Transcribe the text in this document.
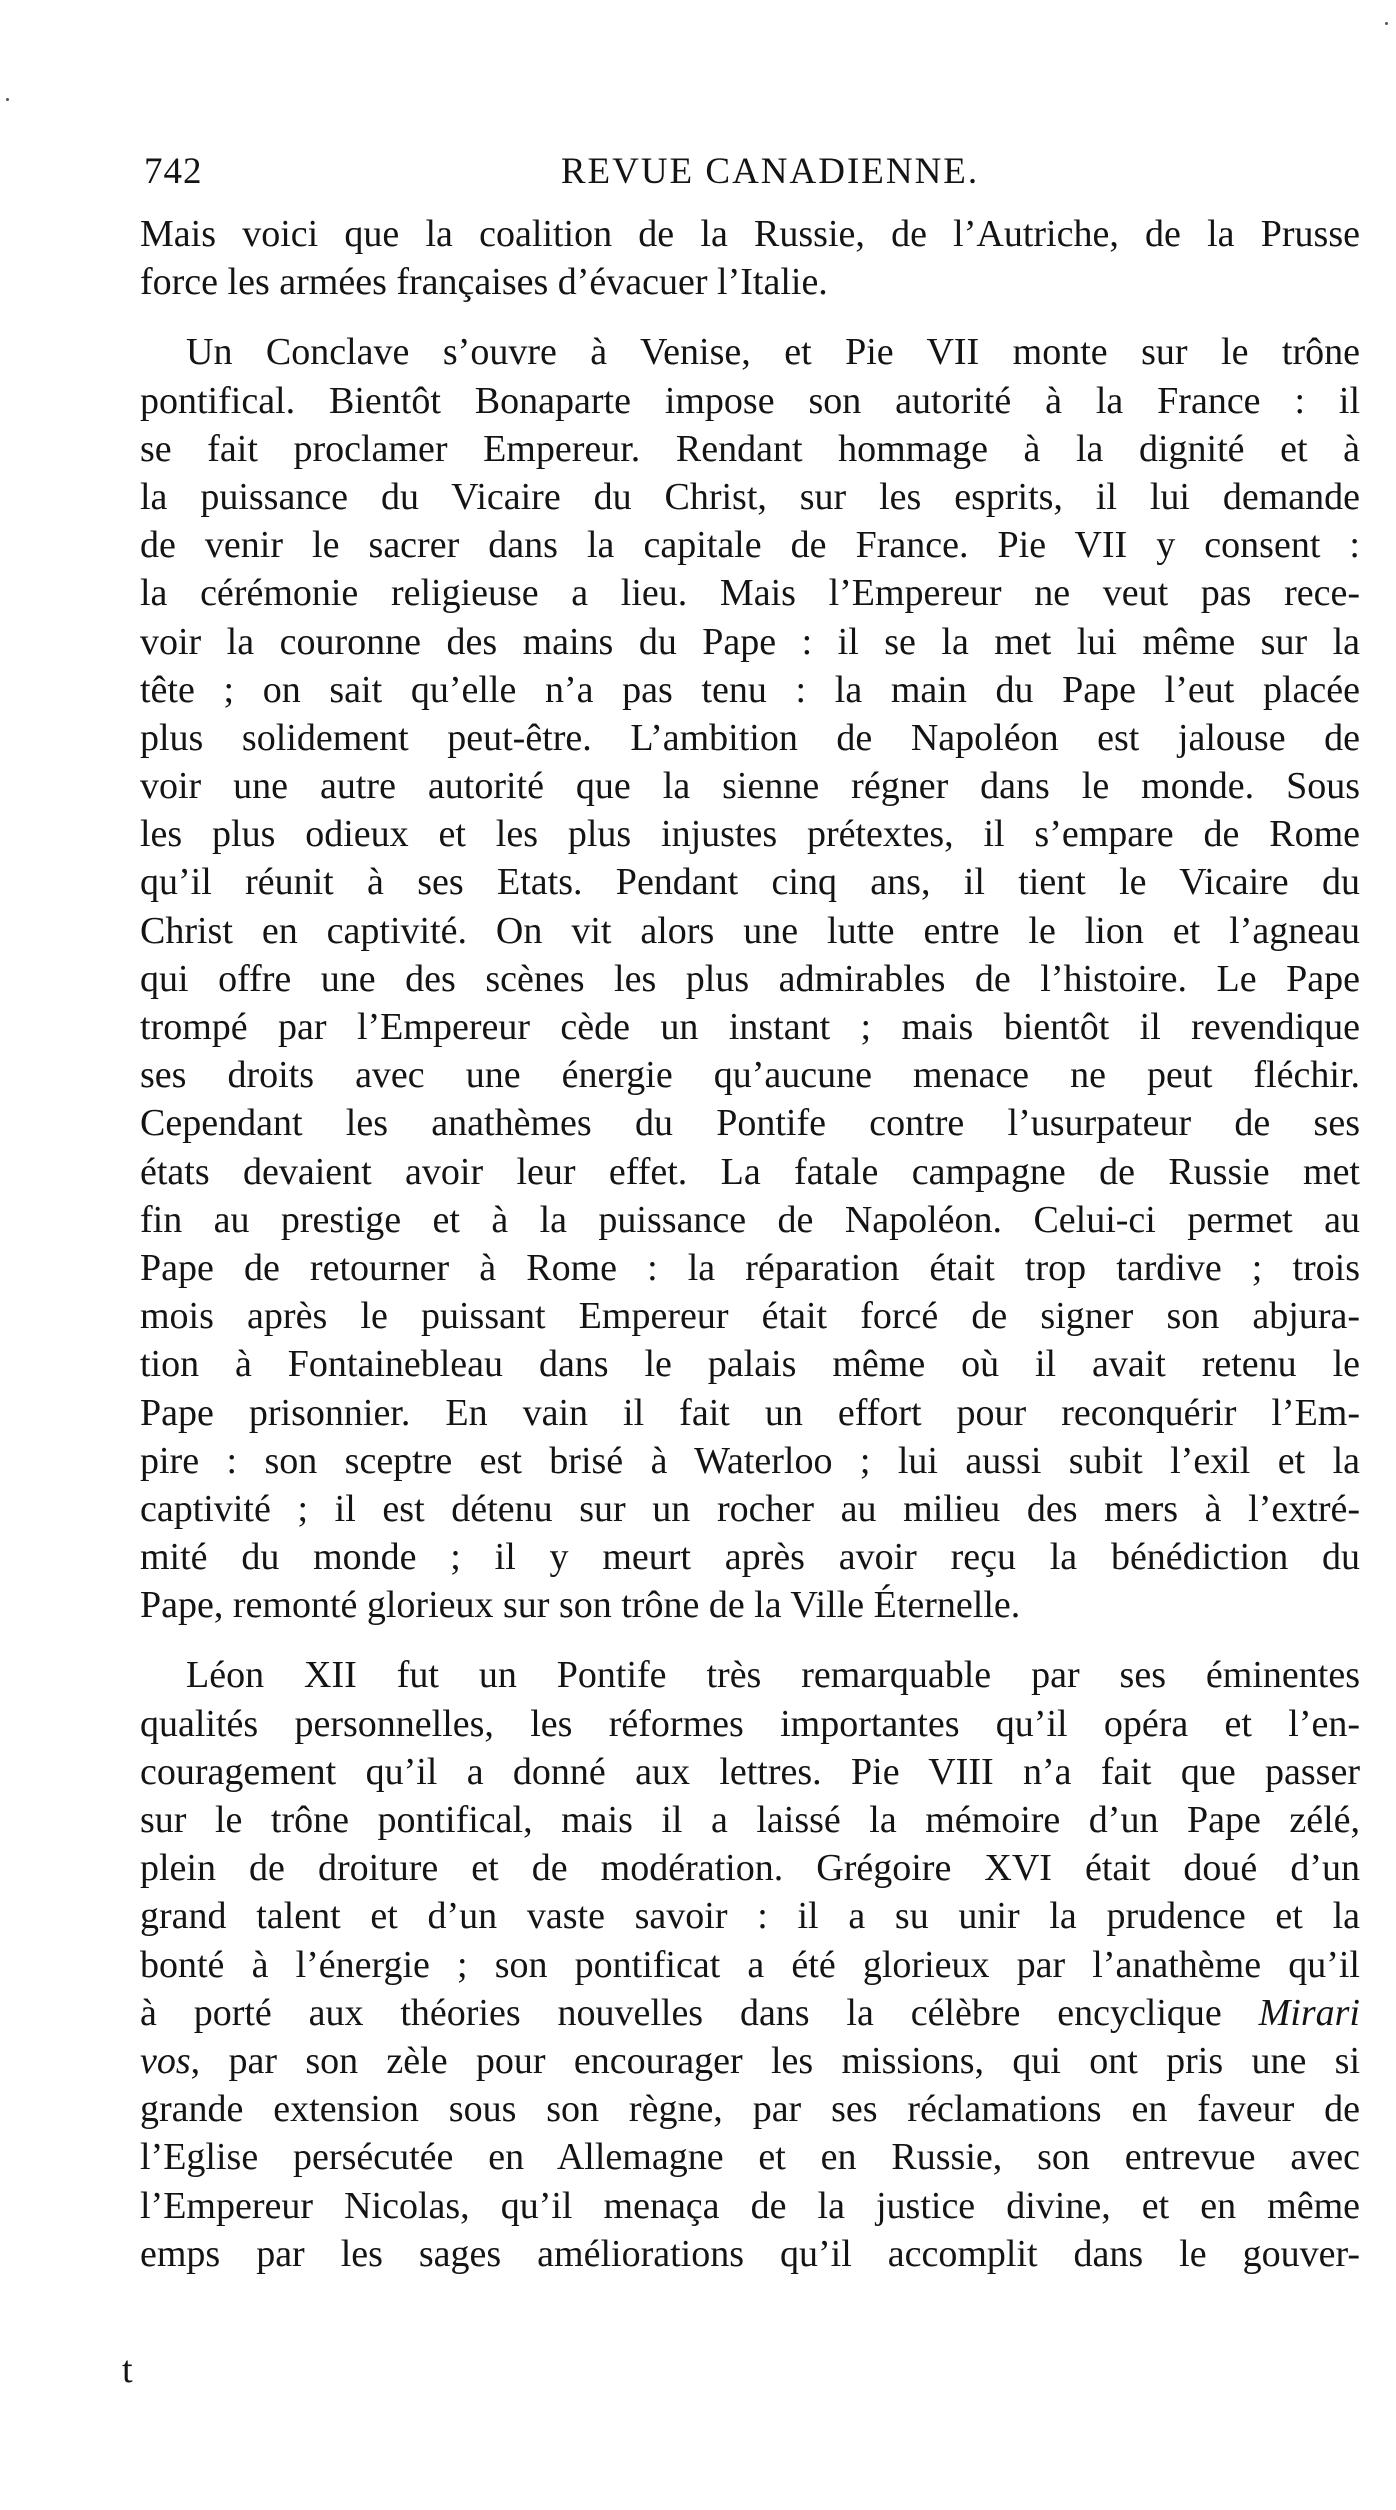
742	REVUE CANADIENNE.
Mais voici que la coalition de la Russie, de l’Autriche, de la Prusse
force les armées françaises d’évacuer l’Italie.
Un Conclave s’ouvre à Venise, et Pie VII monte sur le trône
pontifical. Bientôt Bonaparte impose son autorité à la France : il
se fait proclamer Empereur. Rendant hommage à la dignité et à
la puissance du Vicaire du Christ, sur les esprits, il lui demande
de venir le sacrer dans la capitale de France. Pie VII y consent :
la cérémonie religieuse a lieu. Mais l’Empereur ne veut pas rece-
voir la couronne des mains du Pape : il se la met lui même sur la
tête ; on sait qu’elle n’a pas tenu : la main du Pape l’eut placée
plus solidement peut-être. L’ambition de Napoléon est jalouse de
voir une autre autorité que la sienne régner dans le monde. Sous
les plus odieux et les plus injustes prétextes, il s’empare de Rome
qu’il réunit à ses Etats. Pendant cinq ans, il tient le Vicaire du
Christ en captivité. On vit alors une lutte entre le lion et l’agneau
qui offre une des scènes les plus admirables de l’histoire. Le Pape
trompé par l’Empereur cède un instant ; mais bientôt il revendique
ses droits avec une énergie qu’aucune menace ne peut fléchir.
Cependant les anathèmes du Pontife contre l’usurpateur de ses
états devaient avoir leur effet. La fatale campagne de Russie met
fin au prestige et à la puissance de Napoléon. Celui-ci permet au
Pape de retourner à Rome : la réparation était trop tardive ; trois
mois après le puissant Empereur était forcé de signer son abjura-
tion à Fontainebleau dans le palais même où il avait retenu le
Pape prisonnier. En vain il fait un effort pour reconquérir l’Em-
pire : son sceptre est brisé à Waterloo ; lui aussi subit l’exil et la
captivité ; il est détenu sur un rocher au milieu des mers à l’extré-
mité du monde ; il y meurt après avoir reçu la bénédiction du
Pape, remonté glorieux sur son trône de la Ville Éternelle.
Léon XII fut un Pontife très remarquable par ses éminentes
qualités personnelles, les réformes importantes qu’il opéra et l’en-
couragement qu’il a donné aux lettres. Pie VIII n’a fait que passer
sur le trône pontifical, mais il a laissé la mémoire d’un Pape zélé,
plein de droiture et de modération. Grégoire XVI était doué d’un
grand talent et d’un vaste savoir : il a su unir la prudence et la
bonté à l’énergie ; son pontificat a été glorieux par l’anathème qu’il
à porté aux théories nouvelles dans la célèbre encyclique Mirari
vos, par son zèle pour encourager les missions, qui ont pris une si
grande extension sous son règne, par ses réclamations en faveur de
l’Eglise persécutée en Allemagne et en Russie, son entrevue avec
l’Empereur Nicolas, qu’il menaça de la justice divine, et en même
emps par les sages améliorations qu’il accomplit dans le gouver-
t
